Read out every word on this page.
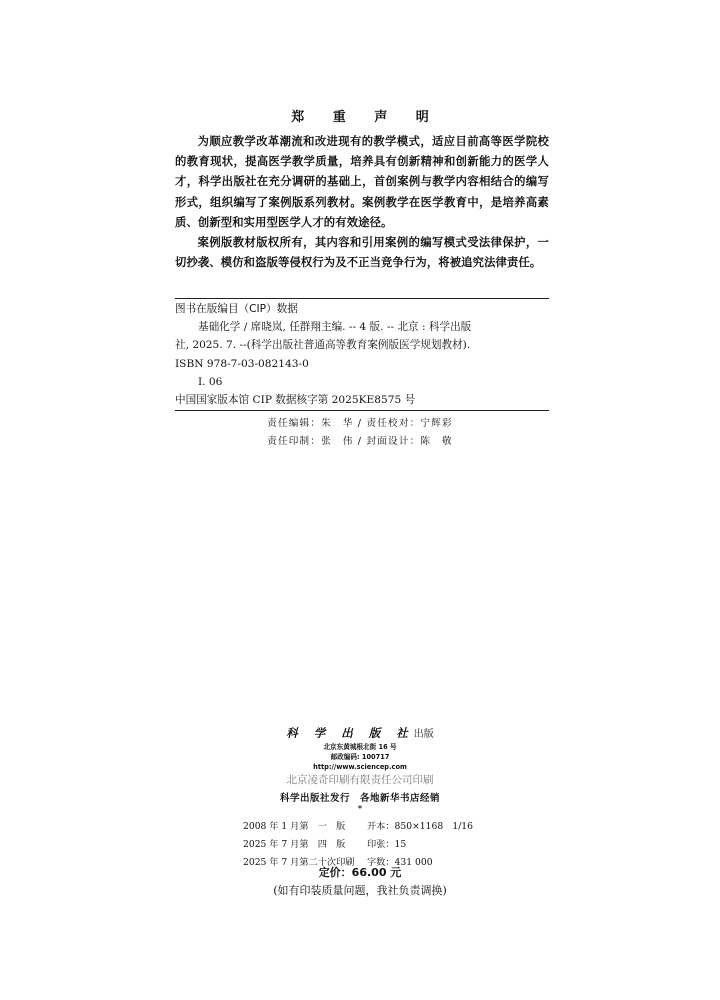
郑 重 声 明

为顺应教学改革潮流和改进现有的教学模式，适应目前高等医学院校的教育现状，提高医学教学质量，培养具有创新精神和创新能力的医学人才，科学出版社在充分调研的基础上，首创案例与教学内容相结合的编写形式，组织编写了案例版系列教材。案例教学在医学教育中，是培养高素质、创新型和实用型医学人才的有效途径。

案例版教材版权所有，其内容和引用案例的编写模式受法律保护，一切抄袭、模仿和盗版等侵权行为及不正当竞争行为，将被追究法律责任。

图书在版编目（CIP）数据
基础化学 / 席晓岚, 任群翔主编. -- 4 版. -- 北京 : 科学出版
社, 2025. 7. --(科学出版社普通高等教育案例版医学规划教材).
ISBN 978-7-03-082143-0
Ⅰ. 06
中国国家版本馆 CIP 数据核字第 2025KE8575 号
责任编辑：朱　华 / 责任校对：宁辉彩
责任印制：张　伟 / 封面设计：陈　敬
科 学 出 版 社出版
北京东黄城根北街 16 号
邮政编码: 100717
http://www.sciencep.com
北京凌奇印刷有限责任公司印刷
科学出版社发行　各地新华书店经销
*
2008 年 1 月第　一　版 开本：850×1168　1/16
2025 年 7 月第　四　版 印张：15
2025 年 7 月第二十次印刷 字数：431 000
定价：66.00 元
(如有印装质量问题，我社负责调换)
